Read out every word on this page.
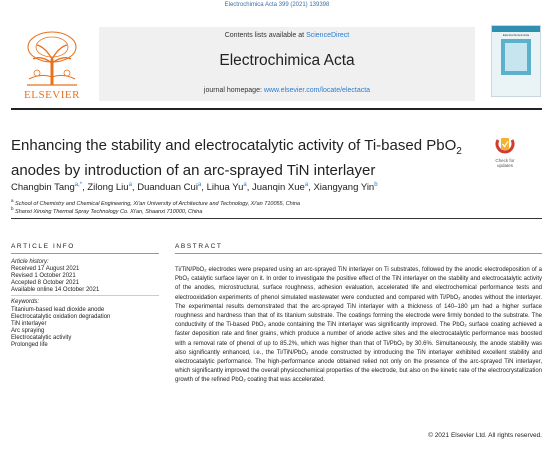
Electrochimica Acta 399 (2021) 139398
ELSEVIER
Contents lists available at ScienceDirect
Electrochimica Acta
journal homepage: www.elsevier.com/locate/electacta
Electrochimica Acta
Enhancing the stability and electrocatalytic activity of Ti-based PbO$_2$
anodes by introduction of an arc-sprayed TiN interlayer
Check for
updates
Changbin Tang$^{a,*}$, Zilong Liu$^a$, Duanduan Cui$^a$, Lihua Yu$^a$, Juanqin Xue$^a$, Xiangyang Yin$^b$
$^a$ School of Chemistry and Chemical Engineering, Xi'an University of Architecture and Technology, Xi'an 710055, China
$^b$ Shanxi Xinxing Thermal Spray Technology Co. Xi'an, Shaanxi 710000, China
ARTICLE INFO
Article history:
Received 17 August 2021
Revised 1 October 2021
Accepted 8 October 2021
Available online 14 October 2021
Keywords:
Titanium-based lead dioxide anode
Electrocatalytic oxidation degradation
TiN interlayer
Arc spraying
Electrocatalytic activity
Prolonged life
ABSTRACT
Ti/TiN/PbO₂ electrodes were prepared using an arc-sprayed TiN interlayer on Ti substrates, followed by the anodic electrodeposition of a PbO₂ catalytic surface layer on it. In order to investigate the positive effect of the TiN interlayer on the stability and electrocatalytic activity of the anodes, microstructural, surface roughness, adhesion evaluation, accelerated life and electrochemical performance tests and electrooxidation experiments of phenol simulated wastewater were conducted and compared with Ti/PbO₂ anodes without the interlayer. The experimental results demonstrated that the arc-sprayed TiN interlayer with a thickness of 140–180 μm had a higher surface roughness and hardness than that of its titanium substrate. The coatings forming the electrode were firmly bonded to the substrate. The conductivity of the Ti-based PbO₂ anode containing the TiN interlayer was significantly improved. The PbO₂ surface coating achieved a faster deposition rate and finer grains, which produce a number of anode active sites and the electrocatalytic performance was boosted with a removal rate of phenol of up to 85.2%, which was higher than that of Ti/PbO₂ by 30.6%. Simultaneously, the anode stability was also significantly enhanced, i.e., the Ti/TiN/PbO₂ anode constructed by introducing the TiN interlayer exhibited excellent stability and electrocatalytic performance. The high-performance anode obtained relied not only on the presence of the arc-sprayed TiN interlayer, which significantly improved the overall physicochemical properties of the electrode, but also on the kinetic rate of the electrocrystallization growth of the refined PbO₂ coating that was accelerated.
© 2021 Elsevier Ltd. All rights reserved.
